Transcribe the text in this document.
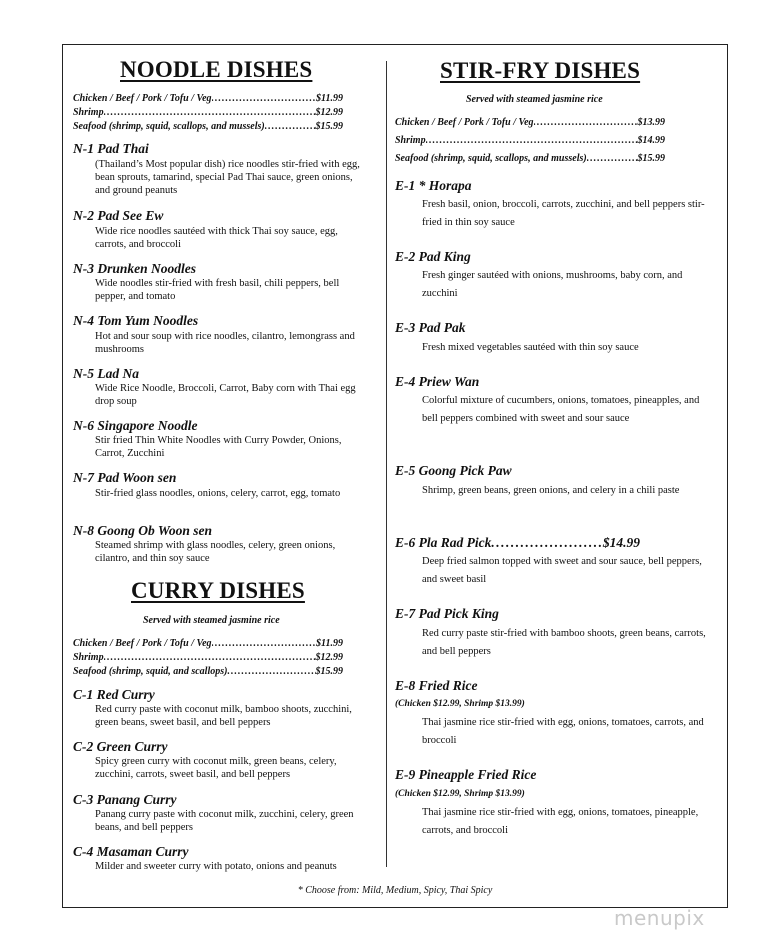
NOODLE DISHES
Chicken / Beef / Pork / Tofu / Veg .....	$11.99
Shrimp .....	$12.99
Seafood (shrimp, squid, scallops, and mussels) .....	$15.99
N-1 Pad Thai
(Thailand’s Most popular dish) rice noodles stir-fried with egg, bean sprouts, tamarind, special Pad Thai sauce, green onions, and ground peanuts
N-2 Pad See Ew
Wide rice noodles sautéed with thick Thai soy sauce, egg, carrots, and broccoli
N-3 Drunken Noodles
Wide noodles stir-fried with fresh basil, chili peppers, bell pepper, and tomato
N-4 Tom Yum Noodles
Hot and sour soup with rice noodles, cilantro, lemongrass and mushrooms
N-5 Lad Na
Wide Rice Noodle, Broccoli, Carrot, Baby corn with Thai egg drop soup
N-6 Singapore Noodle
Stir fried Thin White Noodles with Curry Powder, Onions, Carrot, Zucchini
N-7 Pad Woon sen
Stir-fried glass noodles, onions, celery, carrot, egg, tomato
N-8 Goong Ob Woon sen
Steamed shrimp with glass noodles, celery, green onions, cilantro, and thin soy sauce
CURRY DISHES
Served with steamed jasmine rice
Chicken / Beef / Pork / Tofu / Veg .....	$11.99
Shrimp .....	$12.99
Seafood (shrimp, squid, and scallops) .....	$15.99
C-1 Red Curry
Red curry paste with coconut milk, bamboo shoots, zucchini, green beans, sweet basil, and bell peppers
C-2 Green Curry
Spicy green curry with coconut milk, green beans, celery, zucchini, carrots, sweet basil, and bell peppers
C-3 Panang Curry
Panang curry paste with coconut milk, zucchini, celery, green beans, and bell peppers
C-4 Masaman Curry
Milder and sweeter curry with potato, onions and peanuts
STIR-FRY DISHES
Served with steamed jasmine rice
Chicken / Beef / Pork / Tofu / Veg .....	$13.99
Shrimp .....	$14.99
Seafood (shrimp, squid, scallops, and mussels) .....	$15.99
E-1 * Horapa
Fresh basil, onion, broccoli, carrots, zucchini, and bell peppers stir-fried in thin soy sauce
E-2 Pad King
Fresh ginger sautéed with onions, mushrooms, baby corn, and zucchini
E-3 Pad Pak
Fresh mixed vegetables sautéed with thin soy sauce
E-4 Priew Wan
Colorful mixture of cucumbers, onions, tomatoes, pineapples, and bell peppers combined with sweet and sour sauce
E-5 Goong Pick Paw
Shrimp, green beans, green onions, and celery in a chili paste
E-6 Pla Rad Pick .....	$14.99
Deep fried salmon topped with sweet and sour sauce, bell peppers, and sweet basil
E-7 Pad Pick King
Red curry paste stir-fried with bamboo shoots, green beans, carrots, and bell peppers
E-8 Fried Rice
(Chicken $12.99, Shrimp $13.99)
Thai jasmine rice stir-fried with egg, onions, tomatoes, carrots, and broccoli
E-9 Pineapple Fried Rice
(Chicken $12.99, Shrimp $13.99)
Thai jasmine rice stir-fried with egg, onions, tomatoes, pineapple, carrots, and broccoli
* Choose from: Mild, Medium, Spicy, Thai Spicy
menupix
